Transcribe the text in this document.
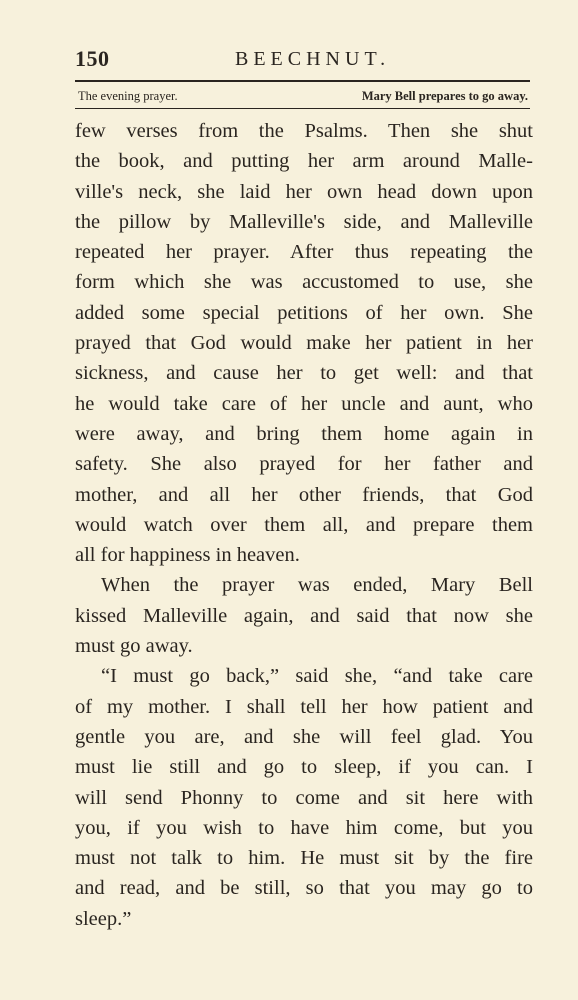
150	BEECHNUT.
The evening prayer.	Mary Bell prepares to go away.
few verses from the Psalms. Then she shut
the book, and putting her arm around Malle-
ville's neck, she laid her own head down upon
the pillow by Malleville's side, and Malleville
repeated her prayer. After thus repeating the
form which she was accustomed to use, she
added some special petitions of her own. She
prayed that God would make her patient in her
sickness, and cause her to get well: and that
he would take care of her uncle and aunt, who
were away, and bring them home again in
safety. She also prayed for her father and
mother, and all her other friends, that God
would watch over them all, and prepare them
all for happiness in heaven.
When the prayer was ended, Mary Bell
kissed Malleville again, and said that now she
must go away.
“I must go back,” said she, “and take care
of my mother. I shall tell her how patient and
gentle you are, and she will feel glad. You
must lie still and go to sleep, if you can. I
will send Phonny to come and sit here with
you, if you wish to have him come, but you
must not talk to him. He must sit by the fire
and read, and be still, so that you may go to
sleep.”
